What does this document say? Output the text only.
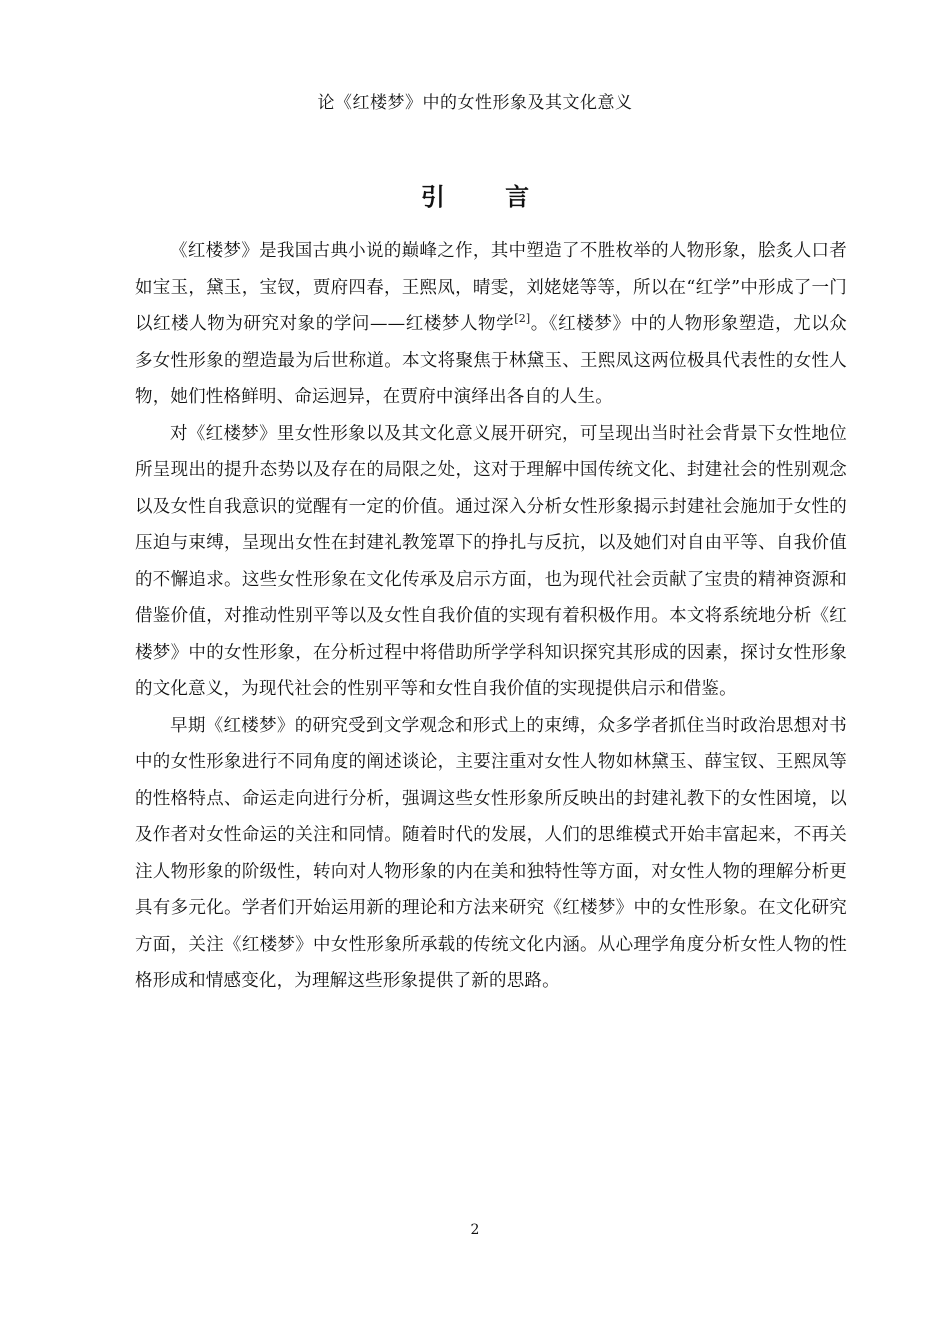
论《红楼梦》中的女性形象及其文化意义
引 言

《红楼梦》是我国古典小说的巅峰之作，其中塑造了不胜枚举的人物形象，脍炙人口者如宝玉，黛玉，宝钗，贾府四春，王熙凤，晴雯，刘姥姥等等，所以在“红学”中形成了一门以红楼人物为研究对象的学问——红楼梦人物学[2]。《红楼梦》中的人物形象塑造，尤以众多女性形象的塑造最为后世称道。本文将聚焦于林黛玉、王熙凤这两位极具代表性的女性人物，她们性格鲜明、命运迥异，在贾府中演绎出各自的人生。

对《红楼梦》里女性形象以及其文化意义展开研究，可呈现出当时社会背景下女性地位所呈现出的提升态势以及存在的局限之处，这对于理解中国传统文化、封建社会的性别观念以及女性自我意识的觉醒有一定的价值。通过深入分析女性形象揭示封建社会施加于女性的压迫与束缚，呈现出女性在封建礼教笼罩下的挣扎与反抗，以及她们对自由平等、自我价值的不懈追求。这些女性形象在文化传承及启示方面，也为现代社会贡献了宝贵的精神资源和借鉴价值，对推动性别平等以及女性自我价值的实现有着积极作用。本文将系统地分析《红楼梦》中的女性形象，在分析过程中将借助所学学科知识探究其形成的因素，探讨女性形象的文化意义，为现代社会的性别平等和女性自我价值的实现提供启示和借鉴。

早期《红楼梦》的研究受到文学观念和形式上的束缚，众多学者抓住当时政治思想对书中的女性形象进行不同角度的阐述谈论，主要注重对女性人物如林黛玉、薛宝钗、王熙凤等的性格特点、命运走向进行分析，强调这些女性形象所反映出的封建礼教下的女性困境，以及作者对女性命运的关注和同情。随着时代的发展，人们的思维模式开始丰富起来，不再关注人物形象的阶级性，转向对人物形象的内在美和独特性等方面，对女性人物的理解分析更具有多元化。学者们开始运用新的理论和方法来研究《红楼梦》中的女性形象。在文化研究方面，关注《红楼梦》中女性形象所承载的传统文化内涵。从心理学角度分析女性人物的性格形成和情感变化，为理解这些形象提供了新的思路。

2
